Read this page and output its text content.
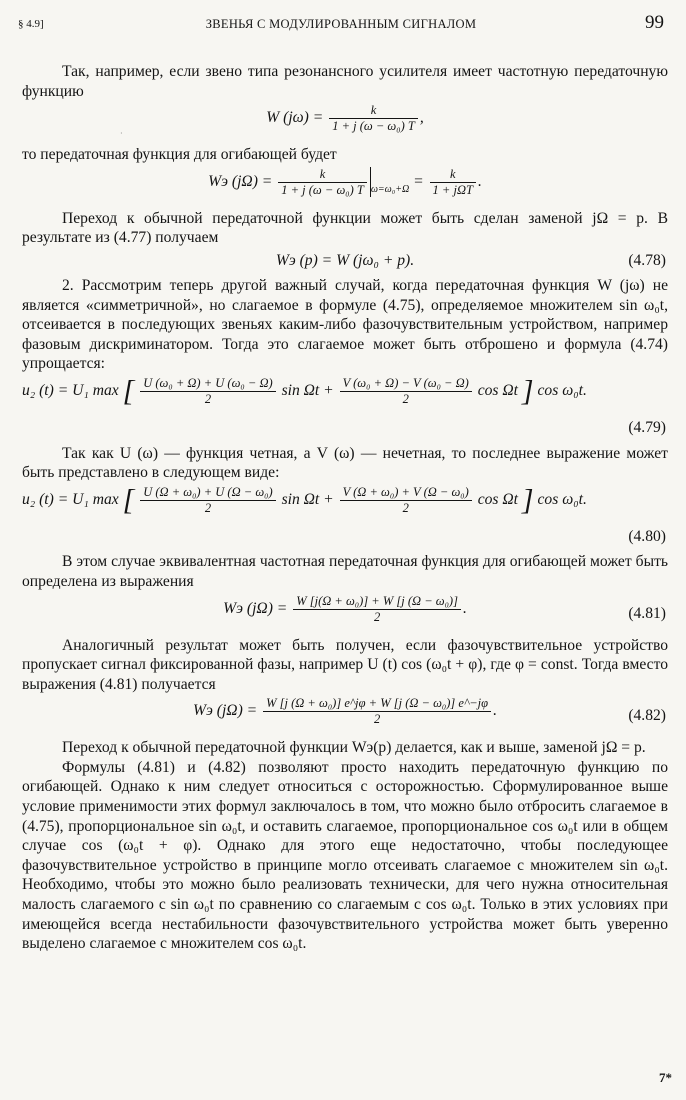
§ 4.9]	ЗВЕНЬЯ С МОДУЛИРОВАННЫМ СИГНАЛОМ	99
·

Так, например, если звено типа резонансного усилителя имеет частотную передаточную функцию

W $(j\omega) = \frac{k}{\text{1 + j (ω − ω₀) T}}$ ,

то передаточная функция для огибающей будет

Wэ $(j\Omega) = \frac{k}{\text{1 + j (ω − ω₀) T}} _{\omega=\omega_0+\Omega} = \frac{k}{\text{1 + jΩT}}$ .

Переход к обычной передаточной функции может быть сделан заменой jΩ = p. В результате из (4.77) получаем

Wэ (p) = W (jω₀ + p).	(4.78)

2. Рассмотрим теперь другой важный случай, когда передаточная функция W (jω) не является «симметричной», но слагаемое в формуле (4.75), определяемое множителем sin ω₀t, отсеивается в последующих звеньях каким-либо фазочувствительным устройством, например фазовым дискриминатором. Тогда это слагаемое может быть отброшено и формула (4.74) упрощается:

u₂ (t) = U₁ max [ $\frac{\text{U (ω₀ + Ω) + U (ω₀ − Ω)}}{2}$ $\sin \Omega t + \frac{\text{V (ω₀ + Ω) − V (ω₀ − Ω)}}{2}$ cos Ωt ] cos ω₀t.
(4.79)

Так как U (ω) — функция четная, а V (ω) — нечетная, то последнее выражение может быть представлено в следующем виде:

u₂ (t) = U₁ max [ $\frac{\text{U (Ω + ω₀) + U (Ω − ω₀)}}{2}$ $\sin \Omega t + \frac{\text{V (Ω + ω₀) + V (Ω − ω₀)}}{2}$ cos Ωt ] cos ω₀t.
(4.80)

В этом случае эквивалентная частотная передаточная функция для огибающей может быть определена из выражения

Wэ $(j\Omega) = \frac{\text{W [j(Ω + ω₀)] + W [j (Ω − ω₀)]}}{2}$ .	(4.81)

Аналогичный результат может быть получен, если фазочувствительное устройство пропускает сигнал фиксированной фазы, например U (t) cos (ω₀t + φ), где φ = const. Тогда вместо выражения (4.81) получается

Wэ $(j\Omega) = \frac{\text{W [j (Ω + ω₀)] e\textasciicircum{}jφ + W [j (Ω − ω₀)] e\textasciicircum{}−jφ}}{2}$ .	(4.82)

Переход к обычной передаточной функции Wэ(p) делается, как и выше, заменой jΩ = p.

Формулы (4.81) и (4.82) позволяют просто находить передаточную функцию по огибающей. Однако к ним следует относиться с осторожностью. Сформулированное выше условие применимости этих формул заключалось в том, что можно было отбросить слагаемое в (4.75), пропорциональное sin ω₀t, и оставить слагаемое, пропорциональное cos ω₀t или в общем случае cos (ω₀t + φ). Однако для этого еще недостаточно, чтобы последующее фазочувствительное устройство в принципе могло отсеивать слагаемое с множителем sin ω₀t. Необходимо, чтобы это можно было реализовать технически, для чего нужна относительная малость слагаемого с sin ω₀t по сравнению со слагаемым с cos ω₀t. Только в этих условиях при имеющейся всегда нестабильности фазочувствительного устройства может быть уверенно выделено слагаемое с множителем cos ω₀t.

7*
